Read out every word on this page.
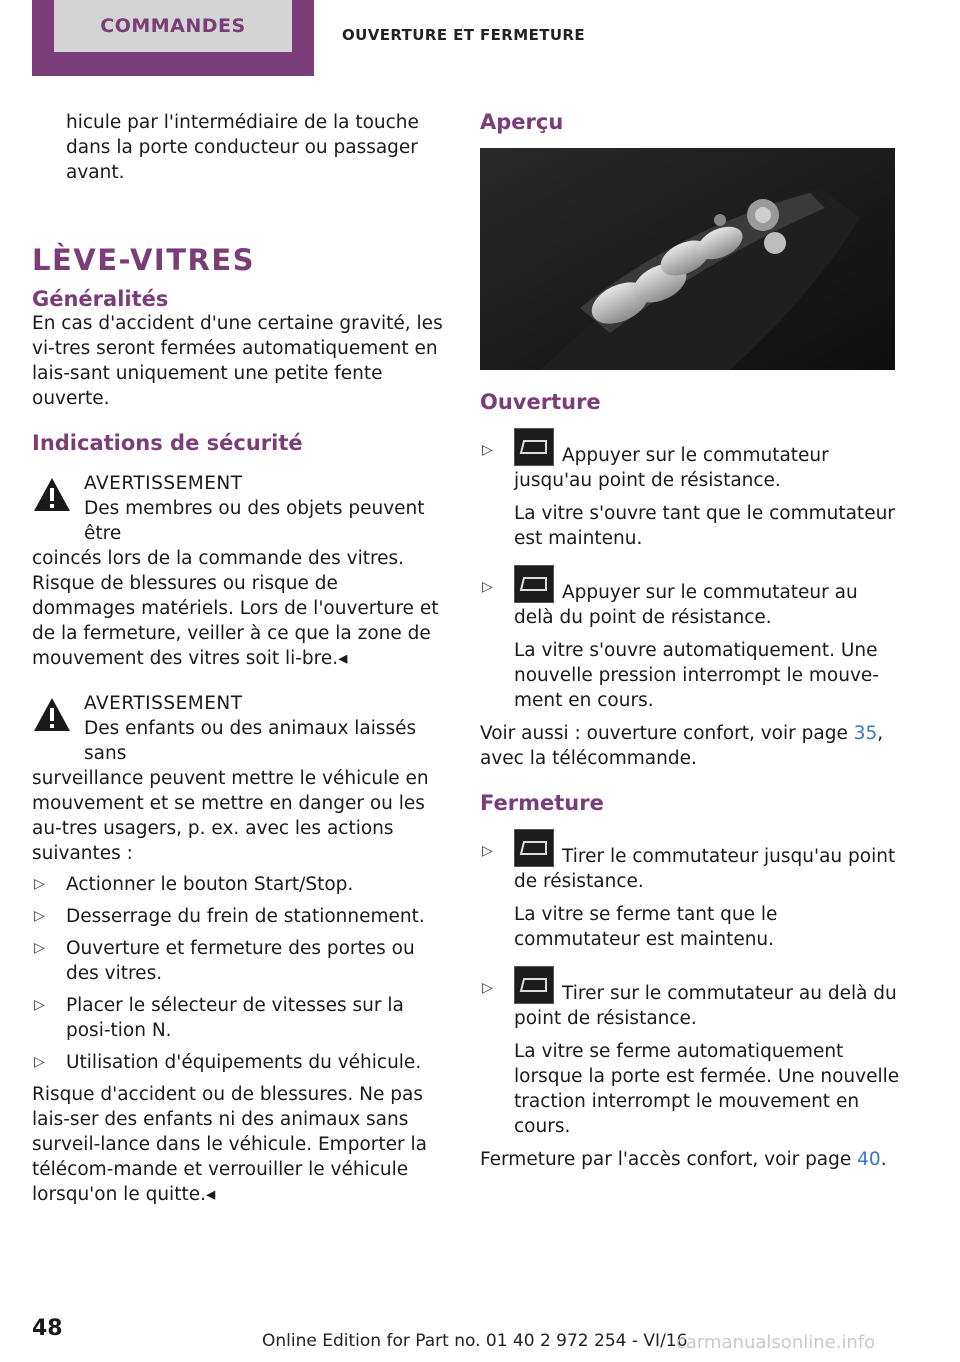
COMMANDES	OUVERTURE ET FERMETURE

hicule par l'intermédiaire de la touche dans la porte conducteur ou passager avant.

LÈVE-VITRES
Généralités

En cas d'accident d'une certaine gravité, les vi-tres seront fermées automatiquement en lais-sant uniquement une petite fente ouverte.

Indications de sécurité
AVERTISSEMENT

Des membres ou des objets peuvent être

coincés lors de la commande des vitres. Risque de blessures ou risque de dommages matériels. Lors de l'ouverture et de la fermeture, veiller à ce que la zone de mouvement des vitres soit li-bre.◂

AVERTISSEMENT

Des enfants ou des animaux laissés sans

surveillance peuvent mettre le véhicule en mouvement et se mettre en danger ou les au-tres usagers, p. ex. avec les actions suivantes :

▷ Actionner le bouton Start/Stop.
▷ Desserrage du frein de stationnement.
▷ Ouverture et fermeture des portes ou des vitres.
▷ Placer le sélecteur de vitesses sur la posi-tion N.
▷ Utilisation d'équipements du véhicule.

Risque d'accident ou de blessures. Ne pas lais-ser des enfants ni des animaux sans surveil-lance dans le véhicule. Emporter la télécom-mande et verrouiller le véhicule lorsqu'on le quitte.◂

Aperçu
Ouverture
▷	Appuyer sur le commutateur jusqu'au point de résistance.

La vitre s'ouvre tant que le commutateur est maintenu.

▷	Appuyer sur le commutateur au delà du point de résistance.

La vitre s'ouvre automatiquement. Une nouvelle pression interrompt le mouve-ment en cours.

Voir aussi : ouverture confort, voir page 35, avec la télécommande.

Fermeture
▷	Tirer le commutateur jusqu'au point de résistance.

La vitre se ferme tant que le commutateur est maintenu.

▷	Tirer sur le commutateur au delà du point de résistance.

La vitre se ferme automatiquement lorsque la porte est fermée. Une nouvelle traction interrompt le mouvement en cours.

Fermeture par l'accès confort, voir page 40.

48	Online Edition for Part no. 01 40 2 972 254 - VI/16
carmanualsonline.info
